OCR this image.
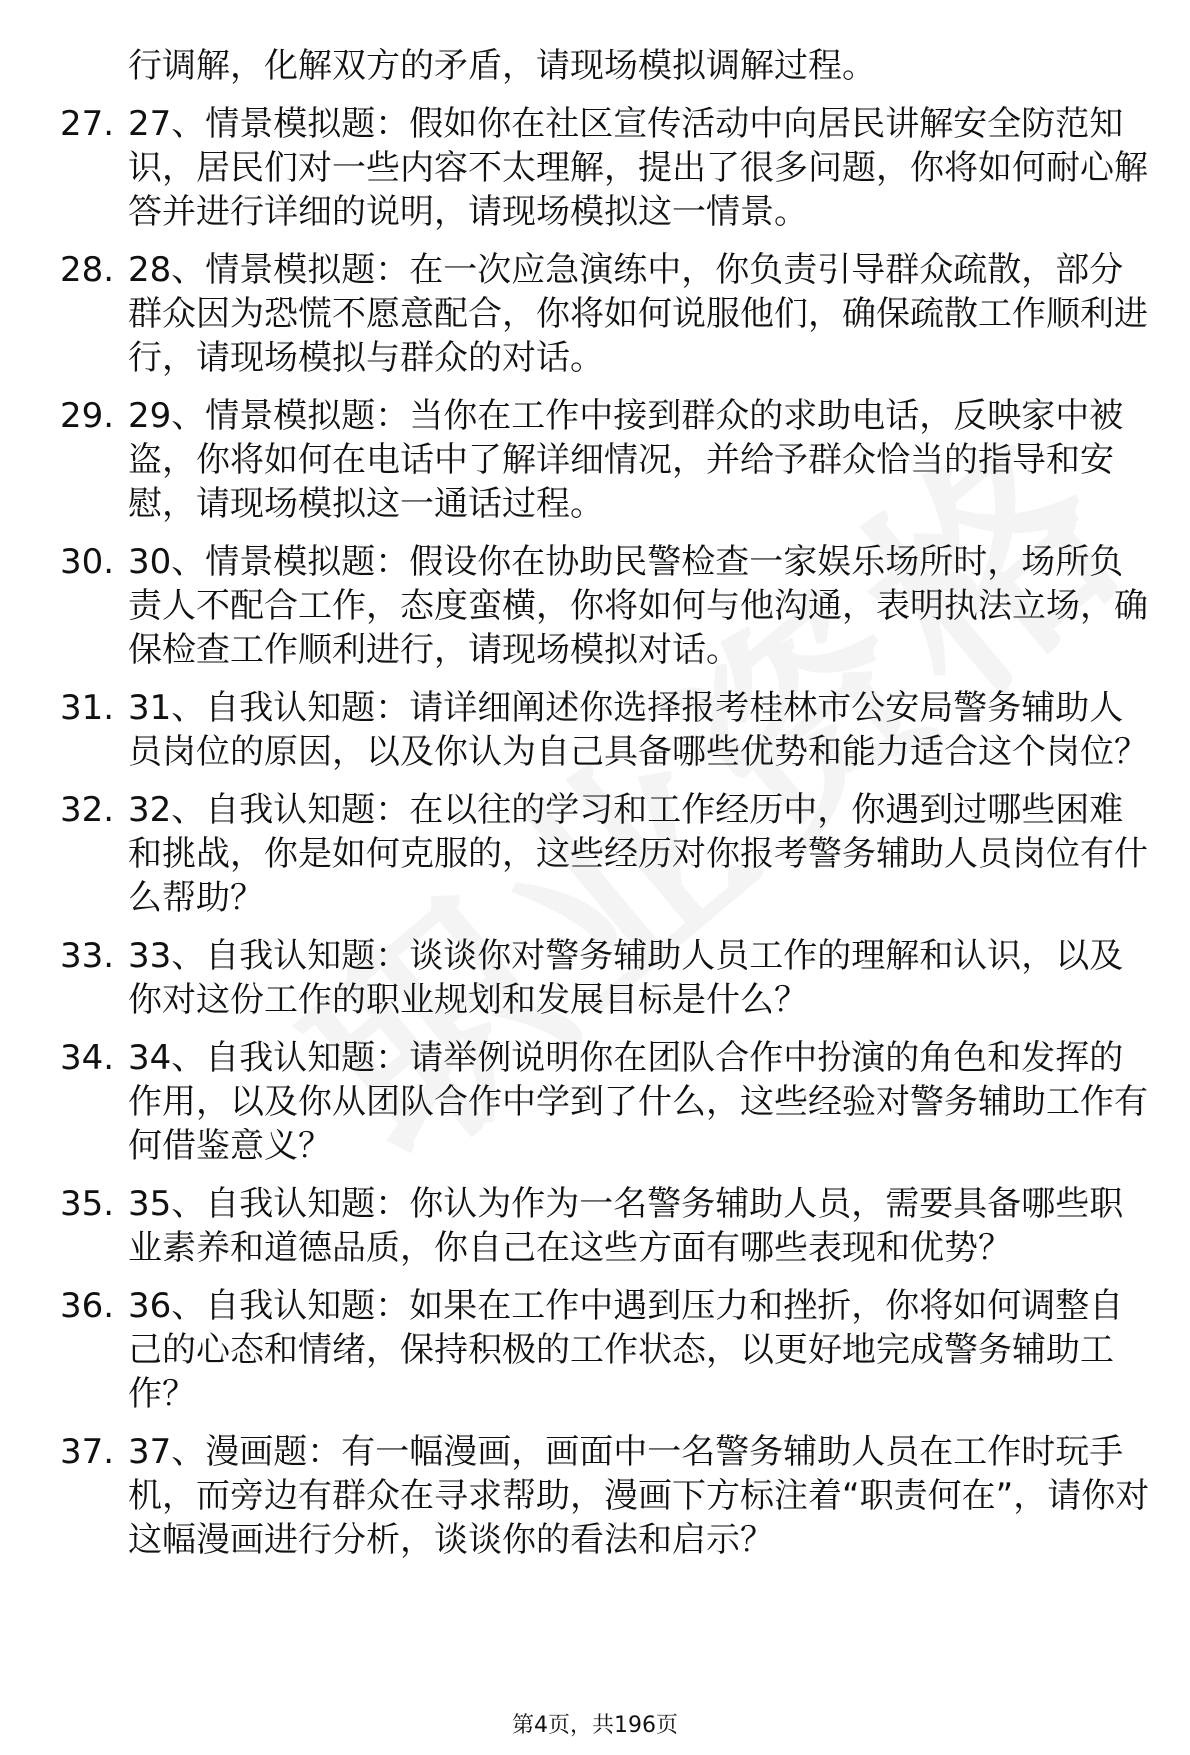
行调解，化解双方的矛盾，请现场模拟调解过程。
27. 27、情景模拟题：假如你在社区宣传活动中向居民讲解安全防范知识，居民们对一些内容不太理解，提出了很多问题，你将如何耐心解答并进行详细的说明，请现场模拟这一情景。
28. 28、情景模拟题：在一次应急演练中，你负责引导群众疏散，部分群众因为恐慌不愿意配合，你将如何说服他们，确保疏散工作顺利进行，请现场模拟与群众的对话。
29. 29、情景模拟题：当你在工作中接到群众的求助电话，反映家中被盗，你将如何在电话中了解详细情况，并给予群众恰当的指导和安慰，请现场模拟这一通话过程。
30. 30、情景模拟题：假设你在协助民警检查一家娱乐场所时，场所负责人不配合工作，态度蛮横，你将如何与他沟通，表明执法立场，确保检查工作顺利进行，请现场模拟对话。
31. 31、自我认知题：请详细阐述你选择报考桂林市公安局警务辅助人员岗位的原因，以及你认为自己具备哪些优势和能力适合这个岗位？
32. 32、自我认知题：在以往的学习和工作经历中，你遇到过哪些困难和挑战，你是如何克服的，这些经历对你报考警务辅助人员岗位有什么帮助？
33. 33、自我认知题：谈谈你对警务辅助人员工作的理解和认识，以及你对这份工作的职业规划和发展目标是什么？
34. 34、自我认知题：请举例说明你在团队合作中扮演的角色和发挥的作用，以及你从团队合作中学到了什么，这些经验对警务辅助工作有何借鉴意义？
35. 35、自我认知题：你认为作为一名警务辅助人员，需要具备哪些职业素养和道德品质，你自己在这些方面有哪些表现和优势？
36. 36、自我认知题：如果在工作中遇到压力和挫折，你将如何调整自己的心态和情绪，保持积极的工作状态，以更好地完成警务辅助工作？
37. 37、漫画题：有一幅漫画，画面中一名警务辅助人员在工作时玩手机，而旁边有群众在寻求帮助，漫画下方标注着“职责何在”，请你对这幅漫画进行分析，谈谈你的看法和启示？
第4页，共196页
